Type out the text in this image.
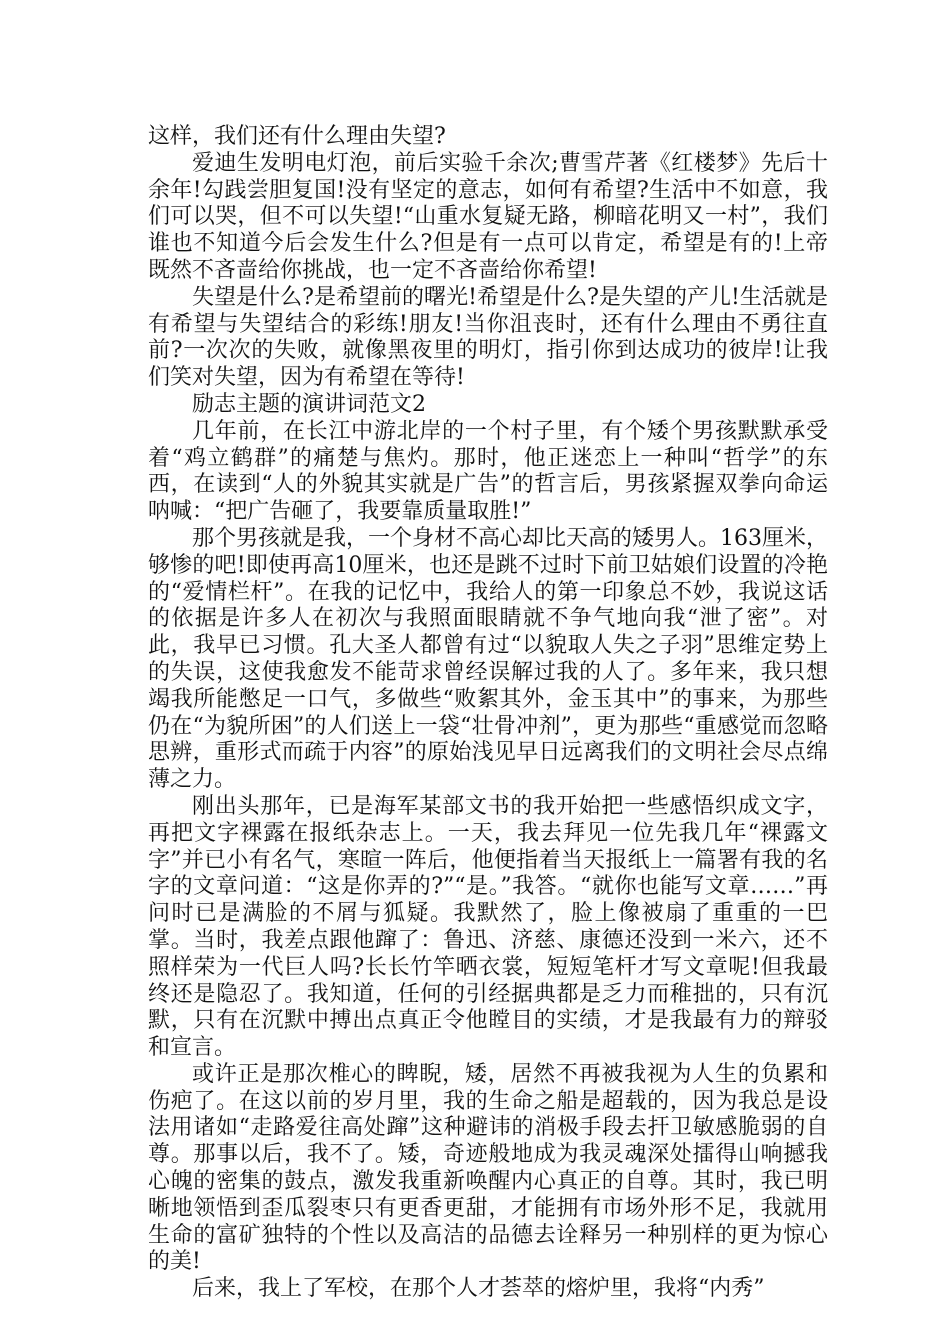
这样，我们还有什么理由失望?

爱迪生发明电灯泡，前后实验千余次;曹雪芹著《红楼梦》先后十余年!勾践尝胆复国!没有坚定的意志，如何有希望?生活中不如意，我们可以哭，但不可以失望!“山重水复疑无路，柳暗花明又一村”，我们谁也不知道今后会发生什么?但是有一点可以肯定，希望是有的!上帝既然不吝啬给你挑战，也一定不吝啬给你希望!

失望是什么?是希望前的曙光!希望是什么?是失望的产儿!生活就是有希望与失望结合的彩练!朋友!当你沮丧时，还有什么理由不勇往直前?一次次的失败，就像黑夜里的明灯，指引你到达成功的彼岸!让我们笑对失望，因为有希望在等待!

励志主题的演讲词范文2

几年前，在长江中游北岸的一个村子里，有个矮个男孩默默承受着“鸡立鹤群”的痛楚与焦灼。那时，他正迷恋上一种叫“哲学”的东西，在读到“人的外貌其实就是广告”的哲言后，男孩紧握双拳向命运呐喊：“把广告砸了，我要靠质量取胜!”

那个男孩就是我，一个身材不高心却比天高的矮男人。163厘米，够惨的吧!即使再高10厘米，也还是跳不过时下前卫姑娘们设置的冷艳的“爱情栏杆”。在我的记忆中，我给人的第一印象总不妙，我说这话的依据是许多人在初次与我照面眼睛就不争气地向我“泄了密”。对此，我早已习惯。孔大圣人都曾有过“以貌取人失之子羽”思维定势上的失误，这使我愈发不能苛求曾经误解过我的人了。多年来，我只想竭我所能憋足一口气，多做些“败絮其外，金玉其中”的事来，为那些仍在“为貌所困”的人们送上一袋“壮骨冲剂”，更为那些“重感觉而忽略思辨，重形式而疏于内容”的原始浅见早日远离我们的文明社会尽点绵薄之力。

刚出头那年，已是海军某部文书的我开始把一些感悟织成文字，再把文字裸露在报纸杂志上。一天，我去拜见一位先我几年“裸露文字”并已小有名气，寒暄一阵后，他便指着当天报纸上一篇署有我的名字的文章问道：“这是你弄的?”“是。”我答。“就你也能写文章……”再问时已是满脸的不屑与狐疑。我默然了，脸上像被扇了重重的一巴掌。当时，我差点跟他蹿了：鲁迅、济慈、康德还没到一米六，还不照样荣为一代巨人吗?长长竹竿晒衣裳，短短笔杆才写文章呢!但我最终还是隐忍了。我知道，任何的引经据典都是乏力而稚拙的，只有沉默，只有在沉默中搏出点真正令他瞠目的实绩，才是我最有力的辩驳和宣言。

或许正是那次椎心的睥睨，矮，居然不再被我视为人生的负累和伤疤了。在这以前的岁月里，我的生命之船是超载的，因为我总是设法用诸如“走路爱往高处蹿”这种避讳的消极手段去扞卫敏感脆弱的自尊。那事以后，我不了。矮，奇迹般地成为我灵魂深处擂得山响撼我心魄的密集的鼓点，激发我重新唤醒内心真正的自尊。其时，我已明晰地领悟到歪瓜裂枣只有更香更甜，才能拥有市场外形不足，我就用生命的富矿独特的个性以及高洁的品德去诠释另一种别样的更为惊心的美!

后来，我上了军校，在那个人才荟萃的熔炉里，我将“内秀”
